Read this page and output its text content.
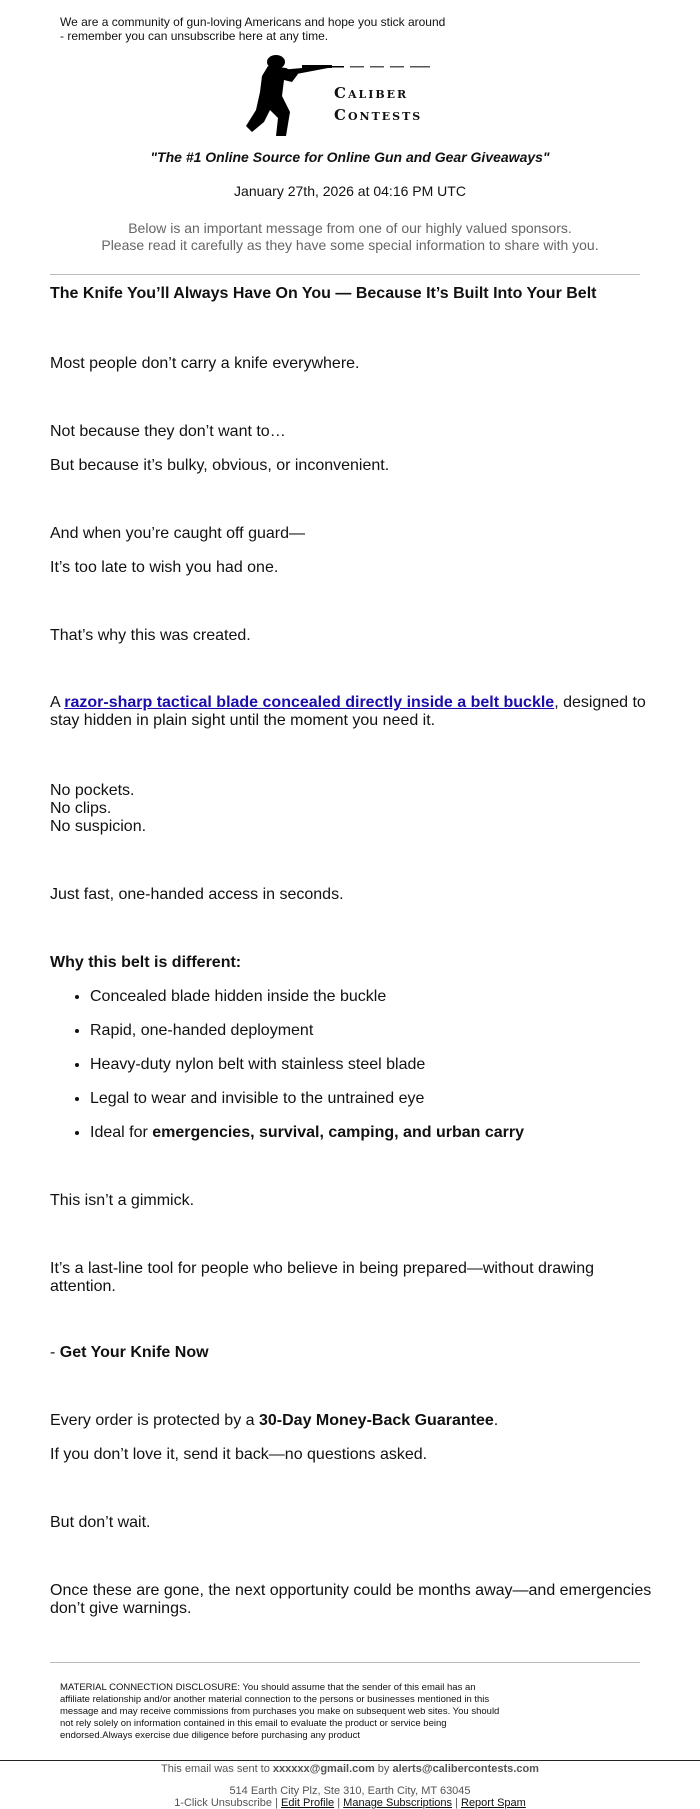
We are a community of gun-loving Americans and hope you stick around
- remember you can unsubscribe here at any time.
Caliber
Contests
"The #1 Online Source for Online Gun and Gear Giveaways"
January 27th, 2026 at 04:16 PM UTC
Below is an important message from one of our highly valued sponsors.
Please read it carefully as they have some special information to share with you.
The Knife You’ll Always Have On You — Because It’s Built Into Your Belt
Most people don’t carry a knife everywhere.
Not because they don’t want to…
But because it’s bulky, obvious, or inconvenient.
And when you’re caught off guard—
It’s too late to wish you had one.
That’s why this was created.
A razor-sharp tactical blade concealed directly inside a belt buckle, designed to stay hidden in plain sight until the moment you need it.
No pockets.
No clips.
No suspicion.
Just fast, one-handed access in seconds.
Why this belt is different:
• Concealed blade hidden inside the buckle
• Rapid, one-handed deployment
• Heavy-duty nylon belt with stainless steel blade
• Legal to wear and invisible to the untrained eye
• Ideal for emergencies, survival, camping, and urban carry
This isn’t a gimmick.
It’s a last-line tool for people who believe in being prepared—without drawing attention.
- Get Your Knife Now
Every order is protected by a 30-Day Money-Back Guarantee.
If you don’t love it, send it back—no questions asked.
But don’t wait.
Once these are gone, the next opportunity could be months away—and emergencies don’t give warnings.
MATERIAL CONNECTION DISCLOSURE: You should assume that the sender of this email has an affiliate relationship and/or another material connection to the persons or businesses mentioned in this message and may receive commissions from purchases you make on subsequent web sites. You should not rely solely on information contained in this email to evaluate the product or service being endorsed.Always exercise due diligence before purchasing any product
This email was sent to xxxxxx@gmail.com by alerts@calibercontests.com
514 Earth City Plz, Ste 310, Earth City, MT 63045
1-Click Unsubscribe | Edit Profile | Manage Subscriptions | Report Spam
